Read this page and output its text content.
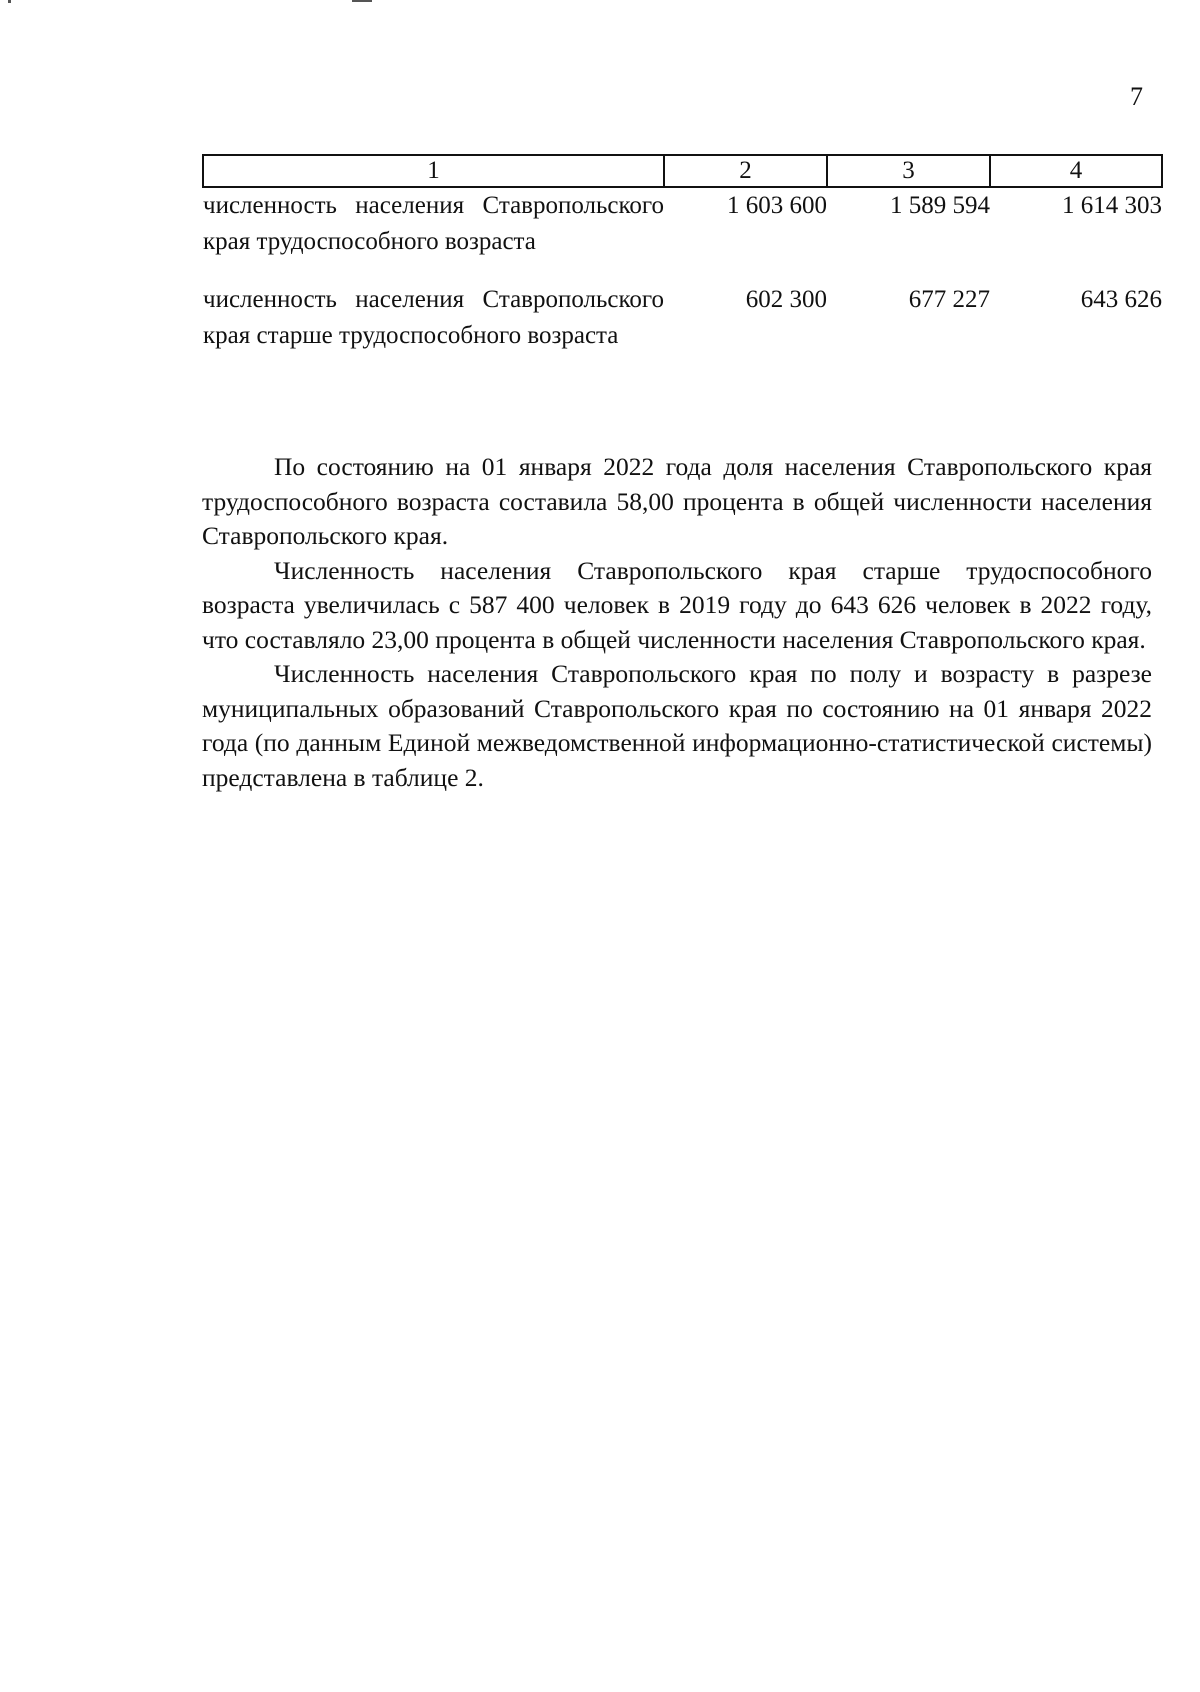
7
1	2	3	4
численность населения Ставропольского края трудоспособного возраста	1 603 600	1 589 594	1 614 303

численность населения Ставропольского края старше трудоспособного возраста	602 300	677 227	643 626

По состоянию на 01 января 2022 года доля населения Ставропольского края трудоспособного возраста составила 58,00 процента в общей численности населения Ставропольского края.

Численность населения Ставропольского края старше трудоспособного возраста увеличилась с 587 400 человек в 2019 году до 643 626 человек в 2022 году, что составляло 23,00 процента в общей численности населения Ставропольского края.

Численность населения Ставропольского края по полу и возрасту в разрезе муниципальных образований Ставропольского края по состоянию на 01 января 2022 года (по данным Единой межведомственной информационно-статистической системы) представлена в таблице 2.
